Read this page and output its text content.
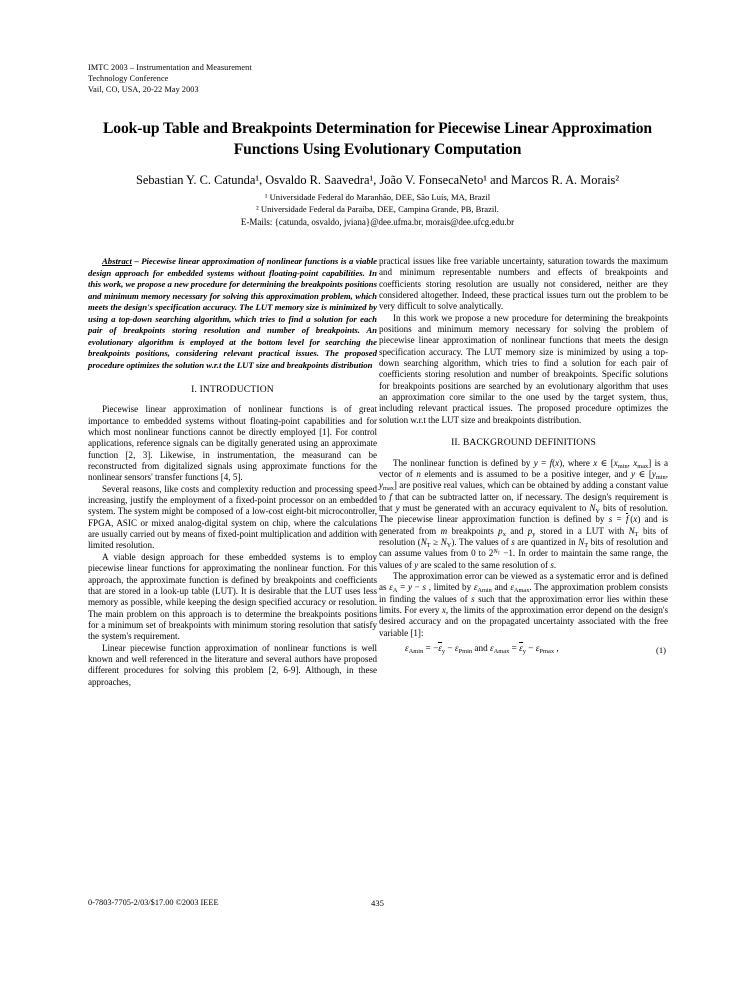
IMTC 2003 – Instrumentation and Measurement
Technology Conference
Vail, CO, USA, 20-22 May 2003
Look-up Table and Breakpoints Determination for Piecewise Linear Approximation
Functions Using Evolutionary Computation
Sebastian Y. C. Catunda¹, Osvaldo R. Saavedra¹, João V. FonsecaNeto¹ and Marcos R. A. Morais²
¹ Universidade Federal do Maranhão, DEE, São Luís, MA, Brazil
² Universidade Federal da Paraíba, DEE, Campina Grande, PB, Brazil.
E-Mails: {catunda, osvaldo, jviana}@dee.ufma.br, morais@dee.ufcg.edu.br

Abstract – Piecewise linear approximation of nonlinear functions is a viable design approach for embedded systems without floating-point capabilities. In this work, we propose a new procedure for determining the breakpoints positions and minimum memory necessary for solving this approximation problem, which meets the design's specification accuracy. The LUT memory size is minimized by using a top-down searching algorithm, which tries to find a solution for each pair of breakpoints storing resolution and number of breakpoints. An evolutionary algorithm is employed at the bottom level for searching the breakpoints positions, considering relevant practical issues. The proposed procedure optimizes the solution w.r.t the LUT size and breakpoints distribution

I. INTRODUCTION

Piecewise linear approximation of nonlinear functions is of great importance to embedded systems without floating-point capabilities and for which most nonlinear functions cannot be directly employed [1]. For control applications, reference signals can be digitally generated using an approximate function [2, 3]. Likewise, in instrumentation, the measurand can be reconstructed from digitalized signals using approximate functions for the nonlinear sensors' transfer functions [4, 5].

Several reasons, like costs and complexity reduction and processing speed increasing, justify the employment of a fixed-point processor on an embedded system. The system might be composed of a low-cost eight-bit microcontroller, FPGA, ASIC or mixed analog-digital system on chip, where the calculations are usually carried out by means of fixed-point multiplication and addition with limited resolution.

A viable design approach for these embedded systems is to employ piecewise linear functions for approximating the nonlinear function. For this approach, the approximate function is defined by breakpoints and coefficients that are stored in a look-up table (LUT). It is desirable that the LUT uses less memory as possible, while keeping the design specified accuracy or resolution. The main problem on this approach is to determine the breakpoints positions for a minimum set of breakpoints with minimum storing resolution that satisfy the system's requirement.

Linear piecewise function approximation of nonlinear functions is well known and well referenced in the literature and several authors have proposed different procedures for solving this problem [2, 6-9]. Although, in these approaches,

practical issues like free variable uncertainty, saturation towards the maximum and minimum representable numbers and effects of breakpoints and coefficients storing resolution are usually not considered, neither are they considered altogether. Indeed, these practical issues turn out the problem to be very difficult to solve analytically.

In this work we propose a new procedure for determining the breakpoints positions and minimum memory necessary for solving the problem of piecewise linear approximation of nonlinear functions that meets the design specification accuracy. The LUT memory size is minimized by using a top-down searching algorithm, which tries to find a solution for each pair of coefficients storing resolution and number of breakpoints. Specific solutions for breakpoints positions are searched by an evolutionary algorithm that uses an approximation core similar to the one used by the target system, thus, including relevant practical issues. The proposed procedure optimizes the solution w.r.t the LUT size and breakpoints distribution.

II. BACKGROUND DEFINITIONS

The nonlinear function is defined by y = f(x), where x ∈ [$x_{min}$, $x_{max}$] is a vector of n elements and is assumed to be a positive integer, and y ∈ [$y_{min}$, $y_{max}$] are positive real values, which can be obtained by adding a constant value to f that can be subtracted latter on, if necessary. The design's requirement is that y must be generated with an accuracy equivalent to $N_Y$ bits of resolution. The piecewise linear approximation function is defined by s = f (x) and is generated from m breakpoints $p_x$ and $p_y$ stored in a LUT with $N_T$ bits of resolution $(N_T \ge N_Y)$. The values of s are quantized in $N_T$ bits of resolution and can assume values from 0 to $2^{N_T} -1$. In order to maintain the same range, the values of y are scaled to the same resolution of s.

The approximation error can be viewed as a systematic error and is defined as $\varepsilon_A = y - s$ , limited by $\varepsilon_{Amin}$ and $\varepsilon_{Amax}$. The approximation problem consists in finding the values of s such that the approximation error lies within these limits. For every x, the limits of the approximation error depend on the design's desired accuracy and on the propagated uncertainty associated with the free variable [1]:

$\varepsilon_{Amin} = -\varepsilon_y - \varepsilon_{Pmin}$ and $\varepsilon_{Amax} = \varepsilon_y - \varepsilon_{Pmax}$ ,	(1)
0-7803-7705-2/03/$17.00 ©2003 IEEE	435
